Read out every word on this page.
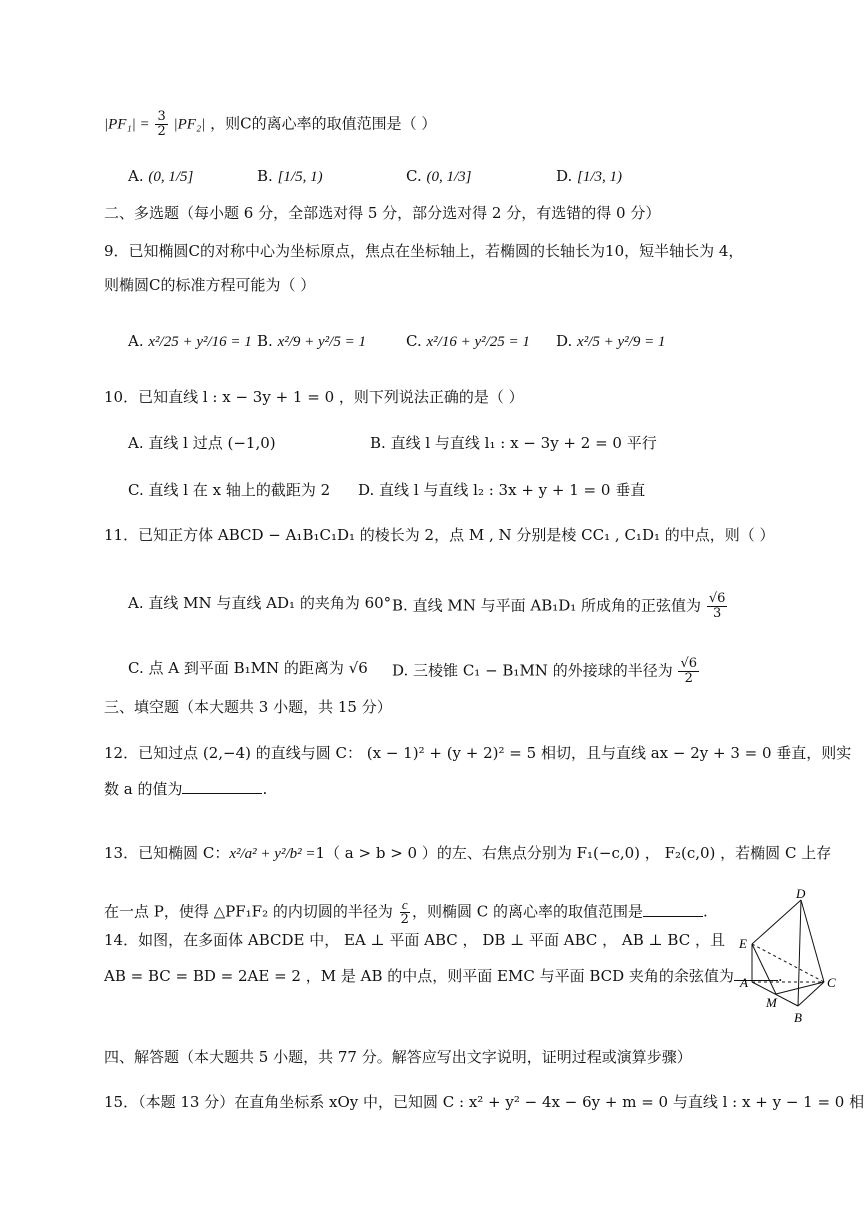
$|PF_1| = \frac{3}{2} |PF_2|$ ，则C的离心率的取值范围是（ ）
A. (0, 1/5]	B. [1/5, 1)	C. (0, 1/3]	D. [1/3, 1)
二、多选题（每小题 6 分，全部选对得 5 分，部分选对得 2 分，有选错的得 0 分）
9．已知椭圆C的对称中心为坐标原点，焦点在坐标轴上，若椭圆的长轴长为10，短半轴长为 4，
则椭圆C的标准方程可能为（ ）
A. x²/25 + y²/16 = 1 B. x²/9 + y²/5 = 1	C. x²/16 + y²/25 = 1 D. x²/5 + y²/9 = 1
10．已知直线 l : x − 3y + 1 = 0 ，则下列说法正确的是（ ）
A. 直线 l 过点 (−1,0)	B. 直线 l 与直线 l₁ : x − 3y + 2 = 0 平行
C. 直线 l 在 x 轴上的截距为 2 D. 直线 l 与直线 l₂ : 3x + y + 1 = 0 垂直
11．已知正方体 ABCD − A₁B₁C₁D₁ 的棱长为 2，点 M , N 分别是棱 CC₁ , C₁D₁ 的中点，则（ ）
A. 直线 MN 与直线 AD₁ 的夹角为 60° B. 直线 MN 与平面 AB₁D₁ 所成角的正弦值为 $\frac{√6}{3}$
C. 点 A 到平面 B₁MN 的距离为 √6 D. 三棱锥 C₁ − B₁MN 的外接球的半径为 $\frac{√6}{2}$
三、填空题（本大题共 3 小题，共 15 分）
12．已知过点 (2,−4) 的直线与圆 C： (x − 1)² + (y + 2)² = 5 相切，且与直线 ax − 2y + 3 = 0 垂直，则实
数 a 的值为	.
13．已知椭圆 C：x²/a² + y²/b² =1（ a > b > 0 ）的左、右焦点分别为 F₁(−c,0) ， F₂(c,0) ，若椭圆 C 上存
在一点 P，使得 △PF₁F₂ 的内切圆的半径为 $\frac{c}{2}$ ，则椭圆 C 的离心率的取值范围是	.
14．如图，在多面体 ABCDE 中， EA ⊥ 平面 ABC ， DB ⊥ 平面 ABC ， AB ⊥ BC ，且
AB = BC = BD = 2AE = 2 ，M 是 AB 的中点，则平面 EMC 与平面 BCD 夹角的余弦值为	.
D
E
A
M
B
C
四、解答题（本大题共 5 小题，共 77 分。解答应写出文字说明，证明过程或演算步骤）
15．（本题 13 分）在直角坐标系 xOy 中，已知圆 C : x² + y² − 4x − 6y + m = 0 与直线 l : x + y − 1 = 0 相
